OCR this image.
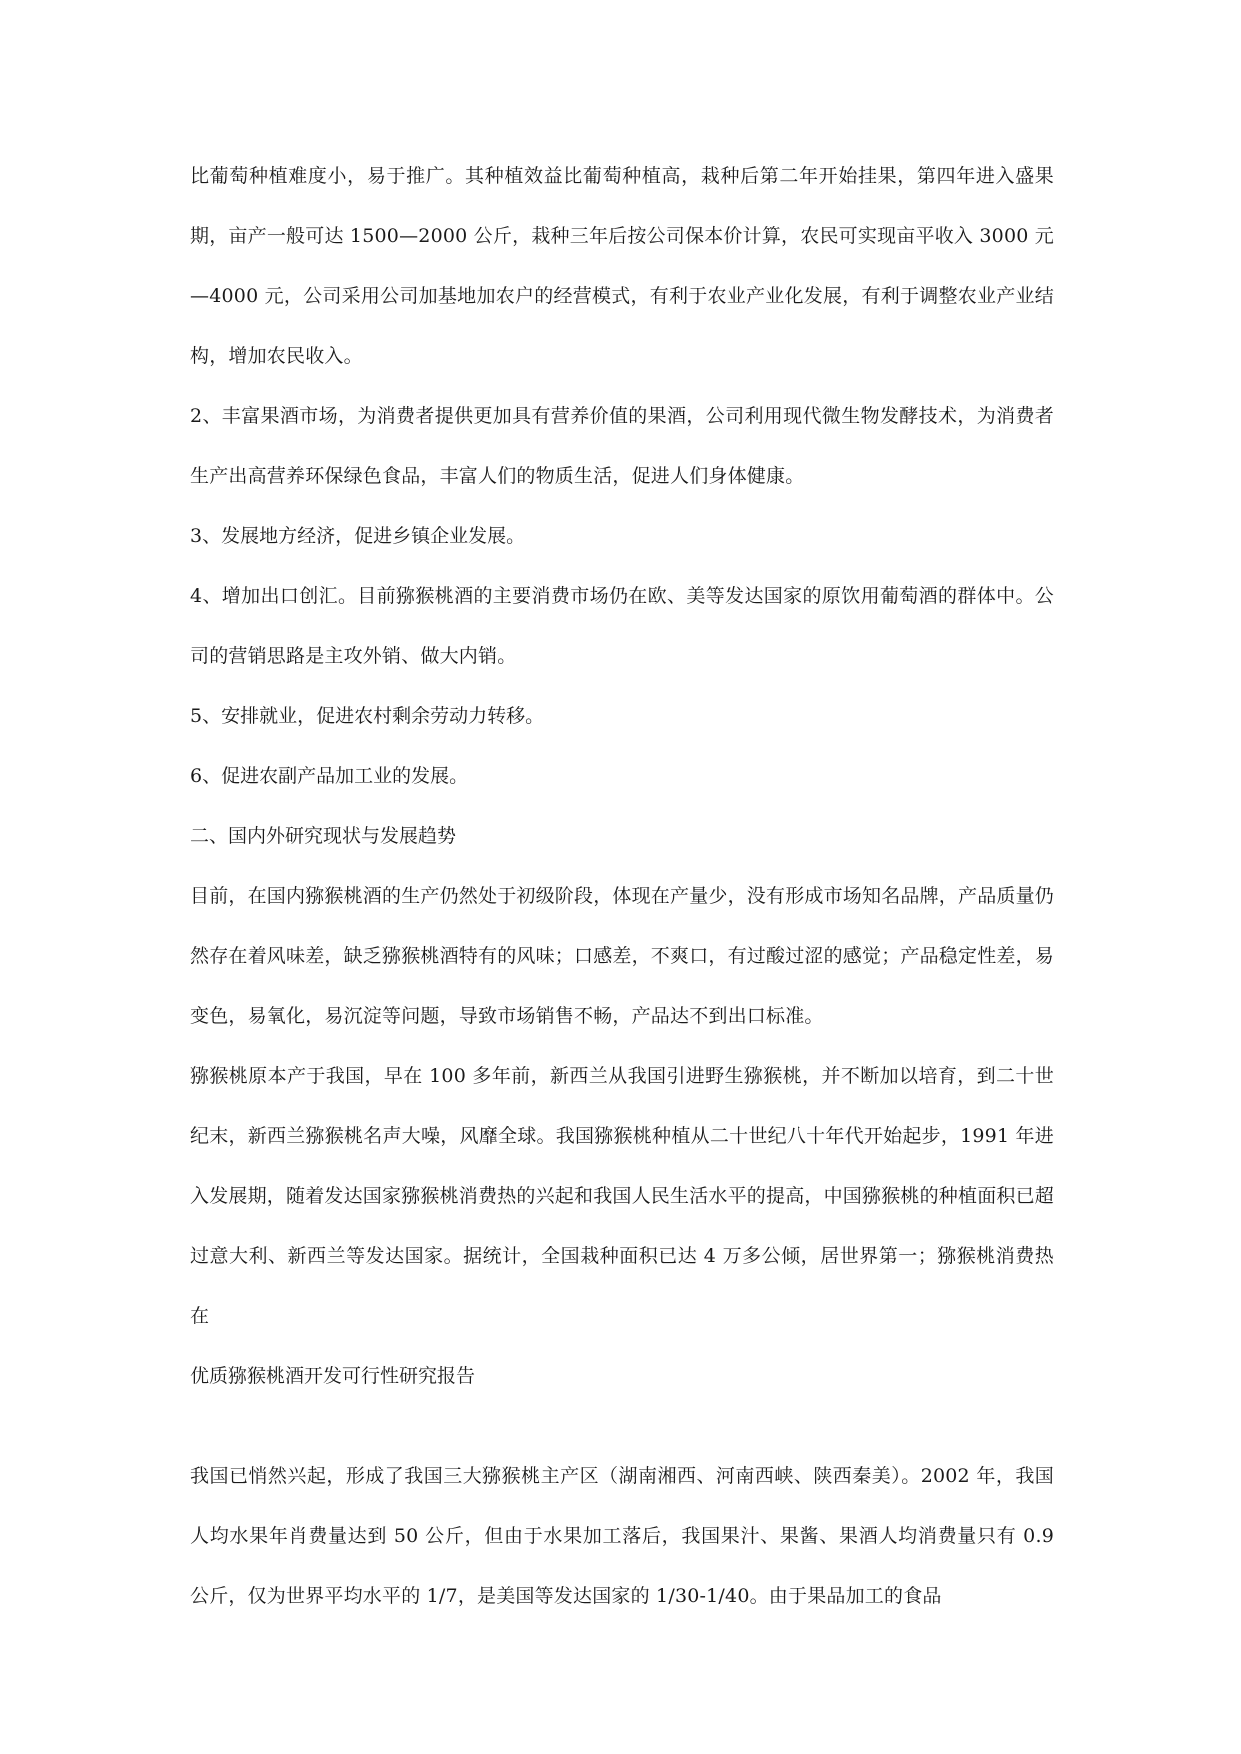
比葡萄种植难度小，易于推广。其种植效益比葡萄种植高，栽种后第二年开始挂果，第四年进入盛果期，亩产一般可达 1500—2000 公斤，栽种三年后按公司保本价计算，农民可实现亩平收入 3000 元—4000 元，公司采用公司加基地加农户的经营模式，有利于农业产业化发展，有利于调整农业产业结构，增加农民收入。

2、丰富果酒市场，为消费者提供更加具有营养价值的果酒，公司利用现代微生物发酵技术，为消费者生产出高营养环保绿色食品，丰富人们的物质生活，促进人们身体健康。

3、发展地方经济，促进乡镇企业发展。

4、增加出口创汇。目前猕猴桃酒的主要消费市场仍在欧、美等发达国家的原饮用葡萄酒的群体中。公司的营销思路是主攻外销、做大内销。

5、安排就业，促进农村剩余劳动力转移。

6、促进农副产品加工业的发展。

二、国内外研究现状与发展趋势

目前，在国内猕猴桃酒的生产仍然处于初级阶段，体现在产量少，没有形成市场知名品牌，产品质量仍然存在着风味差，缺乏猕猴桃酒特有的风味；口感差，不爽口，有过酸过涩的感觉；产品稳定性差，易变色，易氧化，易沉淀等问题，导致市场销售不畅，产品达不到出口标准。

猕猴桃原本产于我国，早在 100 多年前，新西兰从我国引进野生猕猴桃，并不断加以培育，到二十世纪末，新西兰猕猴桃名声大噪，风靡全球。我国猕猴桃种植从二十世纪八十年代开始起步，1991 年进入发展期，随着发达国家猕猴桃消费热的兴起和我国人民生活水平的提高，中国猕猴桃的种植面积已超过意大利、新西兰等发达国家。据统计，全国栽种面积已达 4 万多公倾，居世界第一；猕猴桃消费热在

优质猕猴桃酒开发可行性研究报告

我国已悄然兴起，形成了我国三大猕猴桃主产区（湖南湘西、河南西峡、陕西秦美）。2002 年，我国人均水果年肖费量达到 50 公斤，但由于水果加工落后，我国果汁、果酱、果酒人均消费量只有 0.9 公斤，仅为世界平均水平的 1/7，是美国等发达国家的 1/30-1/40。由于果品加工的食品
